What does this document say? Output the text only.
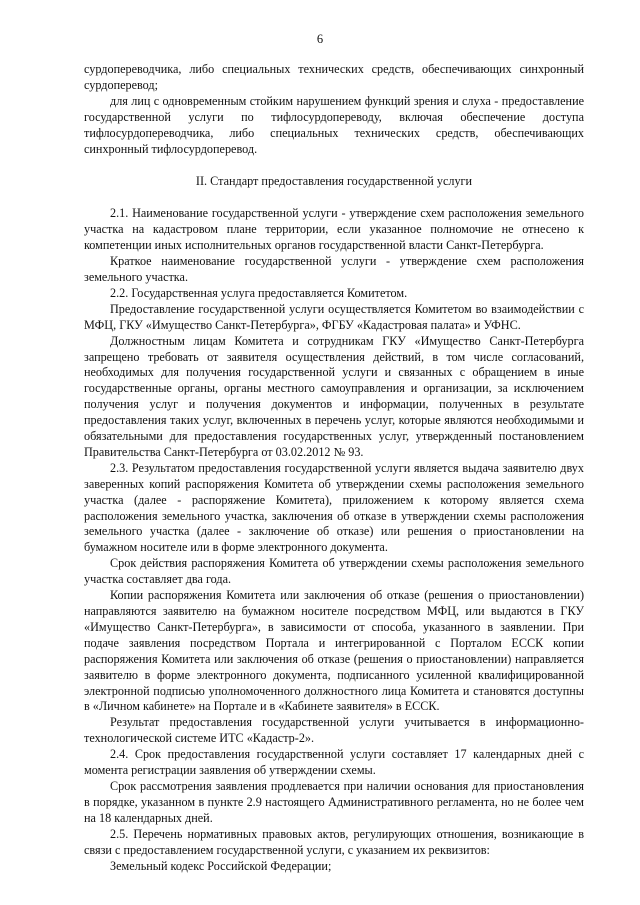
6

сурдопереводчика, либо специальных технических средств, обеспечивающих синхронный сурдоперевод;

для лиц с одновременным стойким нарушением функций зрения и слуха - предоставление государственной услуги по тифлосурдопереводу, включая обеспечение доступа тифлосурдопереводчика, либо специальных технических средств, обеспечивающих синхронный тифлосурдоперевод.

II. Стандарт предоставления государственной услуги

2.1. Наименование государственной услуги - утверждение схем расположения земельного участка на кадастровом плане территории, если указанное полномочие не отнесено к компетенции иных исполнительных органов государственной власти Санкт-Петербурга.

Краткое наименование государственной услуги - утверждение схем расположения земельного участка.

2.2. Государственная услуга предоставляется Комитетом.

Предоставление государственной услуги осуществляется Комитетом во взаимодействии с МФЦ, ГКУ «Имущество Санкт-Петербурга», ФГБУ «Кадастровая палата» и УФНС.

Должностным лицам Комитета и сотрудникам ГКУ «Имущество Санкт-Петербурга запрещено требовать от заявителя осуществления действий, в том числе согласований, необходимых для получения государственной услуги и связанных с обращением в иные государственные органы, органы местного самоуправления и организации, за исключением получения услуг и получения документов и информации, полученных в результате предоставления таких услуг, включенных в перечень услуг, которые являются необходимыми и обязательными для предоставления государственных услуг, утвержденный постановлением Правительства Санкт-Петербурга от 03.02.2012 № 93.

2.3. Результатом предоставления государственной услуги является выдача заявителю двух заверенных копий распоряжения Комитета об утверждении схемы расположения земельного участка (далее - распоряжение Комитета), приложением к которому является схема расположения земельного участка, заключения об отказе в утверждении схемы расположения земельного участка (далее - заключение об отказе) или решения о приостановлении на бумажном носителе или в форме электронного документа.

Срок действия распоряжения Комитета об утверждении схемы расположения земельного участка составляет два года.

Копии распоряжения Комитета или заключения об отказе (решения о приостановлении) направляются заявителю на бумажном носителе посредством МФЦ, или выдаются в ГКУ «Имущество Санкт-Петербурга», в зависимости от способа, указанного в заявлении. При подаче заявления посредством Портала и интегрированной с Порталом ЕССК копии распоряжения Комитета или заключения об отказе (решения о приостановлении) направляется заявителю в форме электронного документа, подписанного усиленной квалифицированной электронной подписью уполномоченного должностного лица Комитета и становятся доступны в «Личном кабинете» на Портале и в «Кабинете заявителя» в ЕССК.

Результат предоставления государственной услуги учитывается в информационно-технологической системе ИТС «Кадастр-2».

2.4. Срок предоставления государственной услуги составляет 17 календарных дней с момента регистрации заявления об утверждении схемы.

Срок рассмотрения заявления продлевается при наличии основания для приостановления в порядке, указанном в пункте 2.9 настоящего Административного регламента, но не более чем на 18 календарных дней.

2.5. Перечень нормативных правовых актов, регулирующих отношения, возникающие в связи с предоставлением государственной услуги, с указанием их реквизитов:

Земельный кодекс Российской Федерации;
